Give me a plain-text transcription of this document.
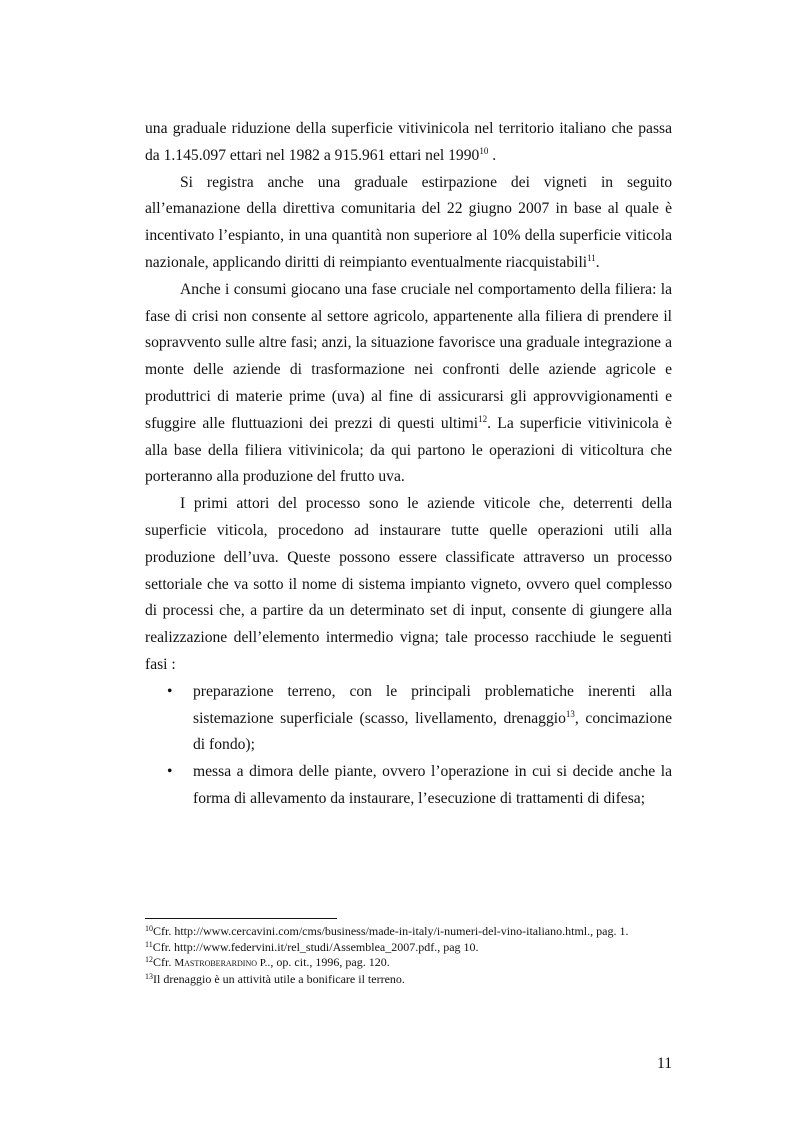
una graduale riduzione della superficie vitivinicola nel territorio italiano che passa da 1.145.097 ettari nel 1982 a 915.961 ettari nel 1990$^{10}$ .

Si registra anche una graduale estirpazione dei vigneti in seguito all’emanazione della direttiva comunitaria del 22 giugno 2007 in base al quale è incentivato l’espianto, in una quantità non superiore al 10% della superficie viticola nazionale, applicando diritti di reimpianto eventualmente riacquistabili$^{11}$.

Anche i consumi giocano una fase cruciale nel comportamento della filiera: la fase di crisi non consente al settore agricolo, appartenente alla filiera di prendere il sopravvento sulle altre fasi; anzi, la situazione favorisce una graduale integrazione a monte delle aziende di trasformazione nei confronti delle aziende agricole e produttrici di materie prime (uva) al fine di assicurarsi gli approvvigionamenti e sfuggire alle fluttuazioni dei prezzi di questi ultimi$^{12}$. La superficie vitivinicola è alla base della filiera vitivinicola; da qui partono le operazioni di viticoltura che porteranno alla produzione del frutto uva.

I primi attori del processo sono le aziende viticole che, deterrenti della superficie viticola, procedono ad instaurare tutte quelle operazioni utili alla produzione dell’uva. Queste possono essere classificate attraverso un processo settoriale che va sotto il nome di sistema impianto vigneto, ovvero quel complesso di processi che, a partire da un determinato set di input, consente di giungere alla realizzazione dell’elemento intermedio vigna; tale processo racchiude le seguenti fasi :

• preparazione terreno, con le principali problematiche inerenti alla sistemazione superficiale (scasso, livellamento, drenaggio$^{13}$, concimazione di fondo);
• messa a dimora delle piante, ovvero l’operazione in cui si decide anche la forma di allevamento da instaurare, l’esecuzione di trattamenti di difesa;

$^{10}$Cfr. http://www.cercavini.com/cms/business/made-in-italy/i-numeri-del-vino-italiano.html., pag. 1.

$^{11}$Cfr. http://www.federvini.it/rel_studi/Assemblea_2007.pdf., pag 10.

$^{12}$Cfr. Mastroberardino P.., op. cit., 1996, pag. 120.

$^{13}$Il drenaggio è un attività utile a bonificare il terreno.

11
